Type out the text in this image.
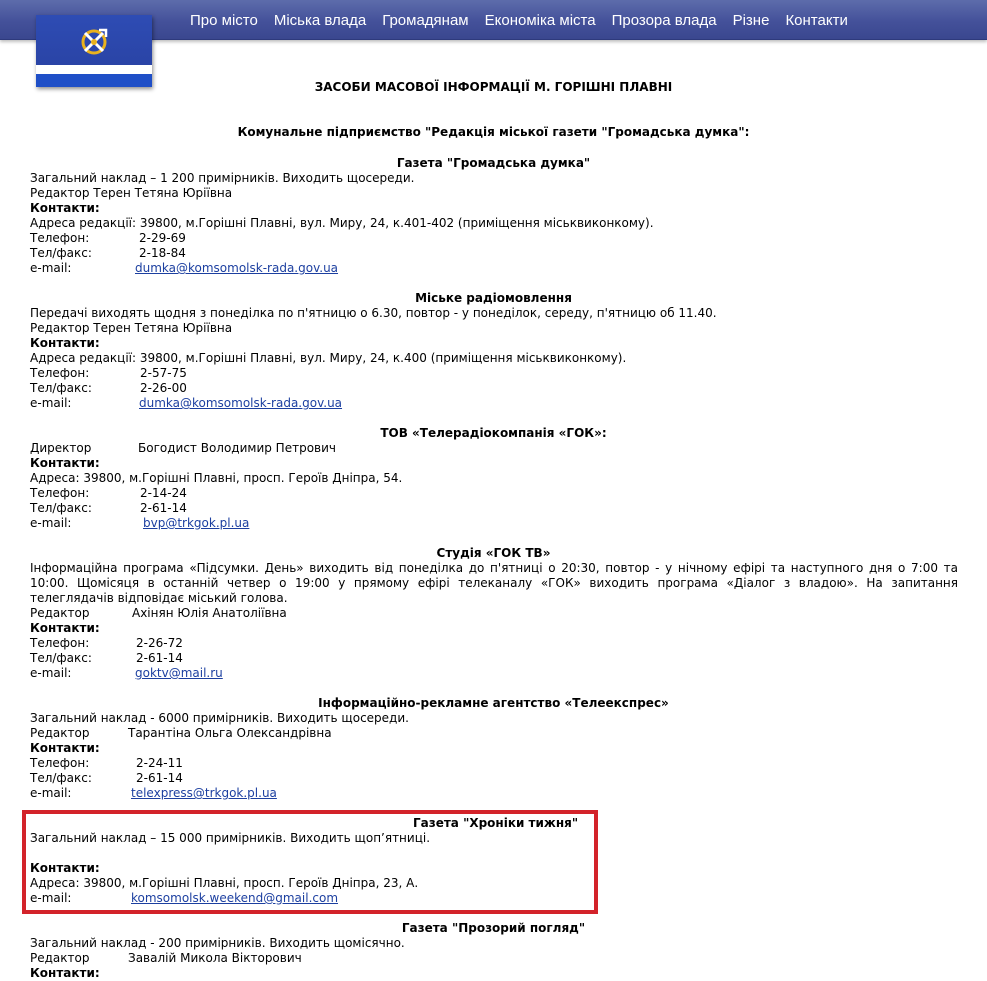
Про місто	Міська влада	Громадянам	Економіка міста	Прозора влада	Різне	Контакти
ЗАСОБИ МАСОВОЇ ІНФОРМАЦІЇ М. ГОРІШНІ ПЛАВНІ
Комунальне підприємство "Редакція міської газети "Громадська думка":
Газета "Громадська думка"
Загальний наклад – 1 200 примірників. Виходить щосереди.
Редактор Терен Тетяна Юріївна
Контакти:
Адреса редакції: 39800, м.Горішні Плавні, вул. Миру, 24, к.401-402 (приміщення міськвиконкому).
Телефон:	2-29-69
Тел/факс:	2-18-84
e-mail:	dumka@komsomolsk-rada.gov.ua
Міське радіомовлення
Передачі виходять щодня з понеділка по п'ятницю о 6.30, повтор - у понеділок, середу, п'ятницю об 11.40.
Редактор Терен Тетяна Юріївна
Контакти:
Адреса редакції: 39800, м.Горішні Плавні, вул. Миру, 24, к.400 (приміщення міськвиконкому).
Телефон:	2-57-75
Тел/факс:	2-26-00
e-mail:	dumka@komsomolsk-rada.gov.ua
ТОВ «Телерадіокомпанія «ГОК»:
Директор	Богодист Володимир Петрович
Контакти:
Адреса: 39800, м.Горішні Плавні, просп. Героїв Дніпра, 54.
Телефон:	2-14-24
Тел/факс:	2-61-14
e-mail:	bvp@trkgok.pl.ua
Студія «ГОК ТВ»
Інформаційна програма «Підсумки. День» виходить від понеділка до п'ятниці о 20:30, повтор - у нічному ефірі та наступного дня о 7:00 та 10:00. Щомісяця в останній четвер о 19:00 у прямому ефірі телеканалу «ГОК» виходить програма «Діалог з владою». На запитання телеглядачів відповідає міський голова.
Редактор	Ахінян Юлія Анатоліївна
Контакти:
Телефон:	2-26-72
Тел/факс:	2-61-14
e-mail:	goktv@mail.ru
Інформаційно-рекламне агентство «Телеекспрес»
Загальний наклад - 6000 примірників. Виходить щосереди.
Редактор	Тарантіна Ольга Олександрівна
Контакти:
Телефон:	2-24-11
Тел/факс:	2-61-14
e-mail:	telexpress@trkgok.pl.ua
Газета "Хроніки тижня"
Загальний наклад – 15 000 примірників. Виходить щоп’ятниці.
Контакти:
Адреса: 39800, м.Горішні Плавні, просп. Героїв Дніпра, 23, А.
e-mail:	komsomolsk.weekend@gmail.com
Газета "Прозорий погляд"
Загальний наклад - 200 примірників. Виходить щомісячно.
Редактор	Завалій Микола Вікторович
Контакти:
